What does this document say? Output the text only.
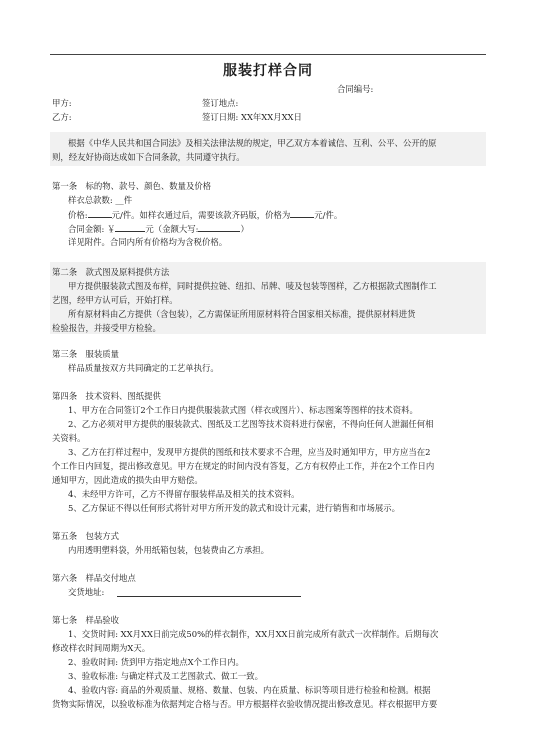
服装打样合同
合同编号:
甲方:	签订地点:
乙方:	签订日期: XX年XX月XX日
根据《中华人民共和国合同法》及相关法律法规的规定，甲乙双方本着诚信、互利、公平、公开的原
则，经友好协商达成如下合同条款，共同遵守执行。
第一条　标的物、款号、颜色、数量及价格
样衣总款数: __件
价格:	元/件。如样衣通过后，需要该款齐码版，价格为	元/件。
合同金额: ￥	元（金额大写:	）
详见附件。合同内所有价格均为含税价格。
第二条　款式图及原料提供方法
甲方提供服装款式图及布样，同时提供拉链、纽扣、吊牌、唛及包装等图样，乙方根据款式图制作工
艺图，经甲方认可后，开始打样。
所有原材料由乙方提供（含包装），乙方需保证所用原材料符合国家相关标准，提供原材料进货
检验报告，并接受甲方检验。
第三条　服装质量
样品质量按双方共同确定的工艺单执行。
第四条　技术资料、图纸提供
1、甲方在合同签订2个工作日内提供服装款式图（样衣或图片）、标志图案等图样的技术资料。
2、乙方必须对甲方提供的服装款式、图纸及工艺图等技术资料进行保密，不得向任何人泄漏任何相
关资料。
3、乙方在打样过程中，发现甲方提供的图纸和技术要求不合理，应当及时通知甲方，甲方应当在2
个工作日内回复，提出修改意见。甲方在规定的时间内没有答复，乙方有权停止工作，并在2个工作日内
通知甲方，因此造成的损失由甲方赔偿。
4、未经甲方许可，乙方不得留存服装样品及相关的技术资料。
5、乙方保证不得以任何形式将针对甲方所开发的款式和设计元素，进行销售和市场展示。
第五条　包装方式
内用透明塑料袋，外用纸箱包装，包装费由乙方承担。
第六条　样品交付地点
交货地址:
第七条　样品验收
1、交货时间: XX月XX日前完成50%的样衣制作，XX月XX日前完成所有款式一次样制作。后期每次
修改样衣时间周期为X天。
2、验收时间: 货到甲方指定地点X个工作日内。
3、验收标准: 与确定样式及工艺图款式、做工一致。
4、验收内容: 商品的外观质量、规格、数量、包装、内在质量、标识等项目进行检验和检测。根据
货物实际情况，以验收标准为依据判定合格与否。甲方根据样衣验收情况提出修改意见。样衣根据甲方要
